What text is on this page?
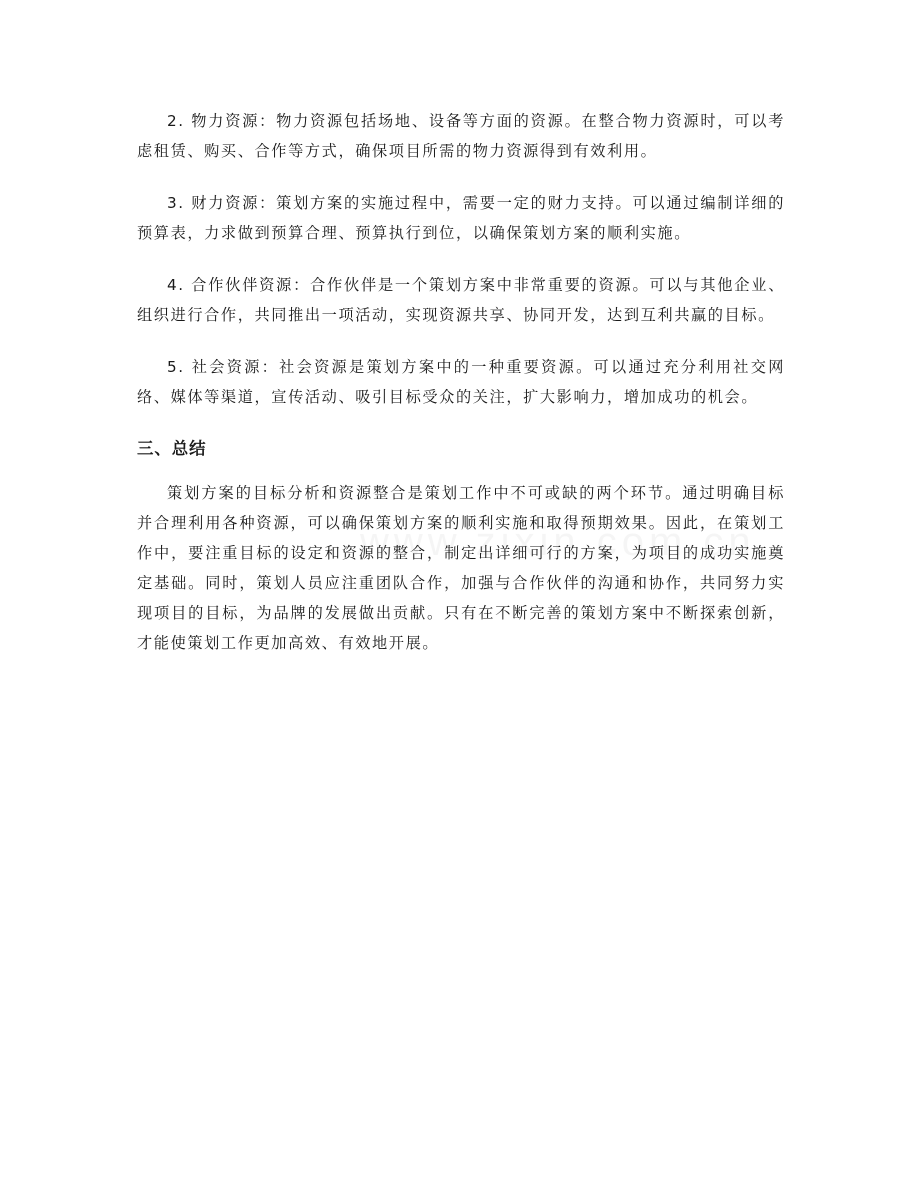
2. 物力资源：物力资源包括场地、设备等方面的资源。在整合物力资源时，可以考虑租赁、购买、合作等方式，确保项目所需的物力资源得到有效利用。

3. 财力资源：策划方案的实施过程中，需要一定的财力支持。可以通过编制详细的预算表，力求做到预算合理、预算执行到位，以确保策划方案的顺利实施。

4. 合作伙伴资源：合作伙伴是一个策划方案中非常重要的资源。可以与其他企业、组织进行合作，共同推出一项活动，实现资源共享、协同开发，达到互利共赢的目标。

5. 社会资源：社会资源是策划方案中的一种重要资源。可以通过充分利用社交网络、媒体等渠道，宣传活动、吸引目标受众的关注，扩大影响力，增加成功的机会。

三、总结

策划方案的目标分析和资源整合是策划工作中不可或缺的两个环节。通过明确目标并合理利用各种资源，可以确保策划方案的顺利实施和取得预期效果。因此，在策划工作中，要注重目标的设定和资源的整合，制定出详细可行的方案，为项目的成功实施奠定基础。同时，策划人员应注重团队合作，加强与合作伙伴的沟通和协作，共同努力实现项目的目标，为品牌的发展做出贡献。只有在不断完善的策划方案中不断探索创新，才能使策划工作更加高效、有效地开展。
